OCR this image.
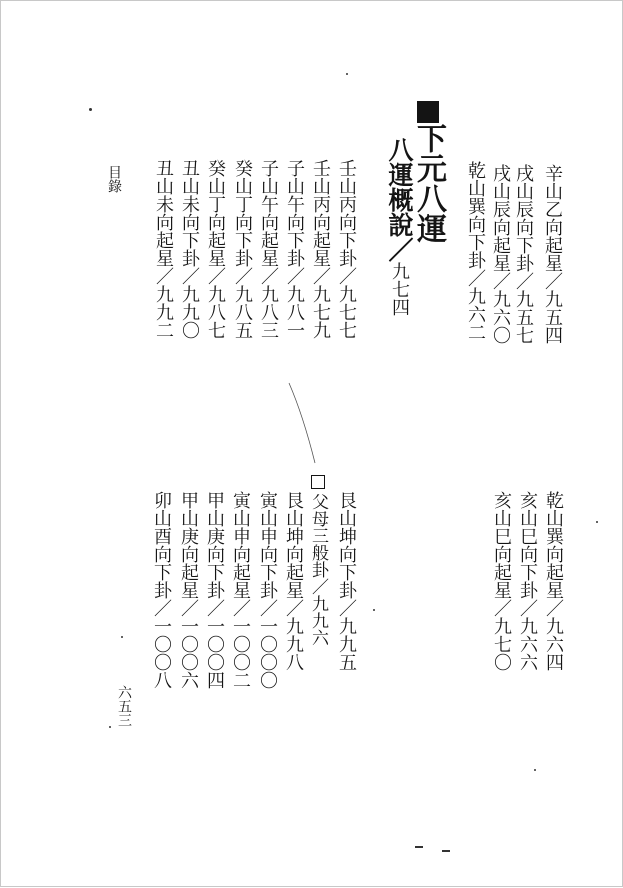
辛山乙向起星／九五四
戌山辰向下卦／九五七
戌山辰向起星／九六〇
乾山巽向下卦／九六二
下元八運
八運概說／九七四
壬山丙向下卦／九七七
壬山丙向起星／九七九
子山午向下卦／九八一
子山午向起星／九八三
癸山丁向下卦／九八五
癸山丁向起星／九八七
丑山未向下卦／九九〇
丑山未向起星／九九二
目錄
乾山巽向起星／九六四
亥山巳向下卦／九六六
亥山巳向起星／九七〇
艮山坤向下卦／九九五
父母三般卦／九九六
艮山坤向起星／九九八
寅山申向下卦／一〇〇〇
寅山申向起星／一〇〇二
甲山庚向下卦／一〇〇四
甲山庚向起星／一〇〇六
卯山酉向下卦／一〇〇八
六五三
